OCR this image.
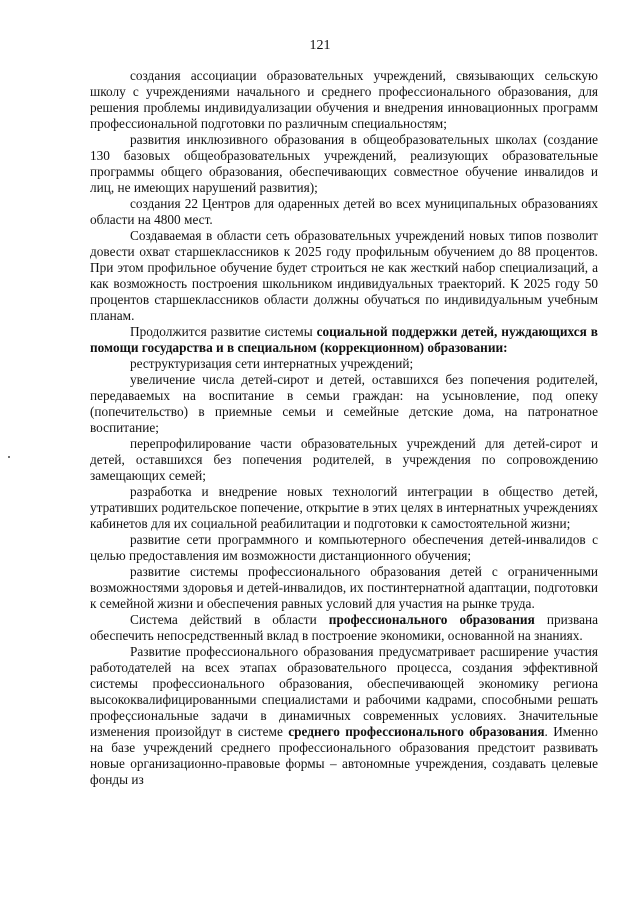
121

создания ассоциации образовательных учреждений, связывающих сельскую школу с учреждениями начального и среднего профессионального образования, для решения проблемы индивидуализации обучения и внедрения инновационных программ профессиональной подготовки по различным специальностям;

развития инклюзивного образования в общеобразовательных школах (создание 130 базовых общеобразовательных учреждений, реализующих образовательные программы общего образования, обеспечивающих совместное обучение инвалидов и лиц, не имеющих нарушений развития);

создания 22 Центров для одаренных детей во всех муниципальных образованиях области на 4800 мест.

Создаваемая в области сеть образовательных учреждений новых типов позволит довести охват старшеклассников к 2025 году профильным обучением до 88 процентов. При этом профильное обучение будет строиться не как жесткий набор специализаций, а как возможность построения школьником индивидуальных траекторий. К 2025 году 50 процентов старшеклассников области должны обучаться по индивидуальным учебным планам.

Продолжится развитие системы социальной поддержки детей, нуждающихся в помощи государства и в специальном (коррекционном) образовании:

реструктуризация сети интернатных учреждений;

увеличение числа детей-сирот и детей, оставшихся без попечения родителей, передаваемых на воспитание в семьи граждан: на усыновление, под опеку (попечительство) в приемные семьи и семейные детские дома, на патронатное воспитание;

перепрофилирование части образовательных учреждений для детей-сирот и детей, оставшихся без попечения родителей, в учреждения по сопровождению замещающих семей;

разработка и внедрение новых технологий интеграции в общество детей, утративших родительское попечение, открытие в этих целях в интернатных учреждениях кабинетов для их социальной реабилитации и подготовки к самостоятельной жизни;

развитие сети программного и компьютерного обеспечения детей-инвалидов с целью предоставления им возможности дистанционного обучения;

развитие системы профессионального образования детей с ограниченными возможностями здоровья и детей-инвалидов, их постинтернатной адаптации, подготовки к семейной жизни и обеспечения равных условий для участия на рынке труда.

Система действий в области профессионального образования призвана обеспечить непосредственный вклад в построение экономики, основанной на знаниях.

Развитие профессионального образования предусматривает расширение участия работодателей на всех этапах образовательного процесса, создания эффективной системы профессионального образования, обеспечивающей экономику региона высококвалифицированными специалистами и рабочими кадрами, способными решать профессиональные задачи в динамичных современных условиях. Значительные изменения произойдут в системе среднего профессионального образования. Именно на базе учреждений среднего профессионального образования предстоит развивать новые организационно-правовые формы – автономные учреждения, создавать целевые фонды из
